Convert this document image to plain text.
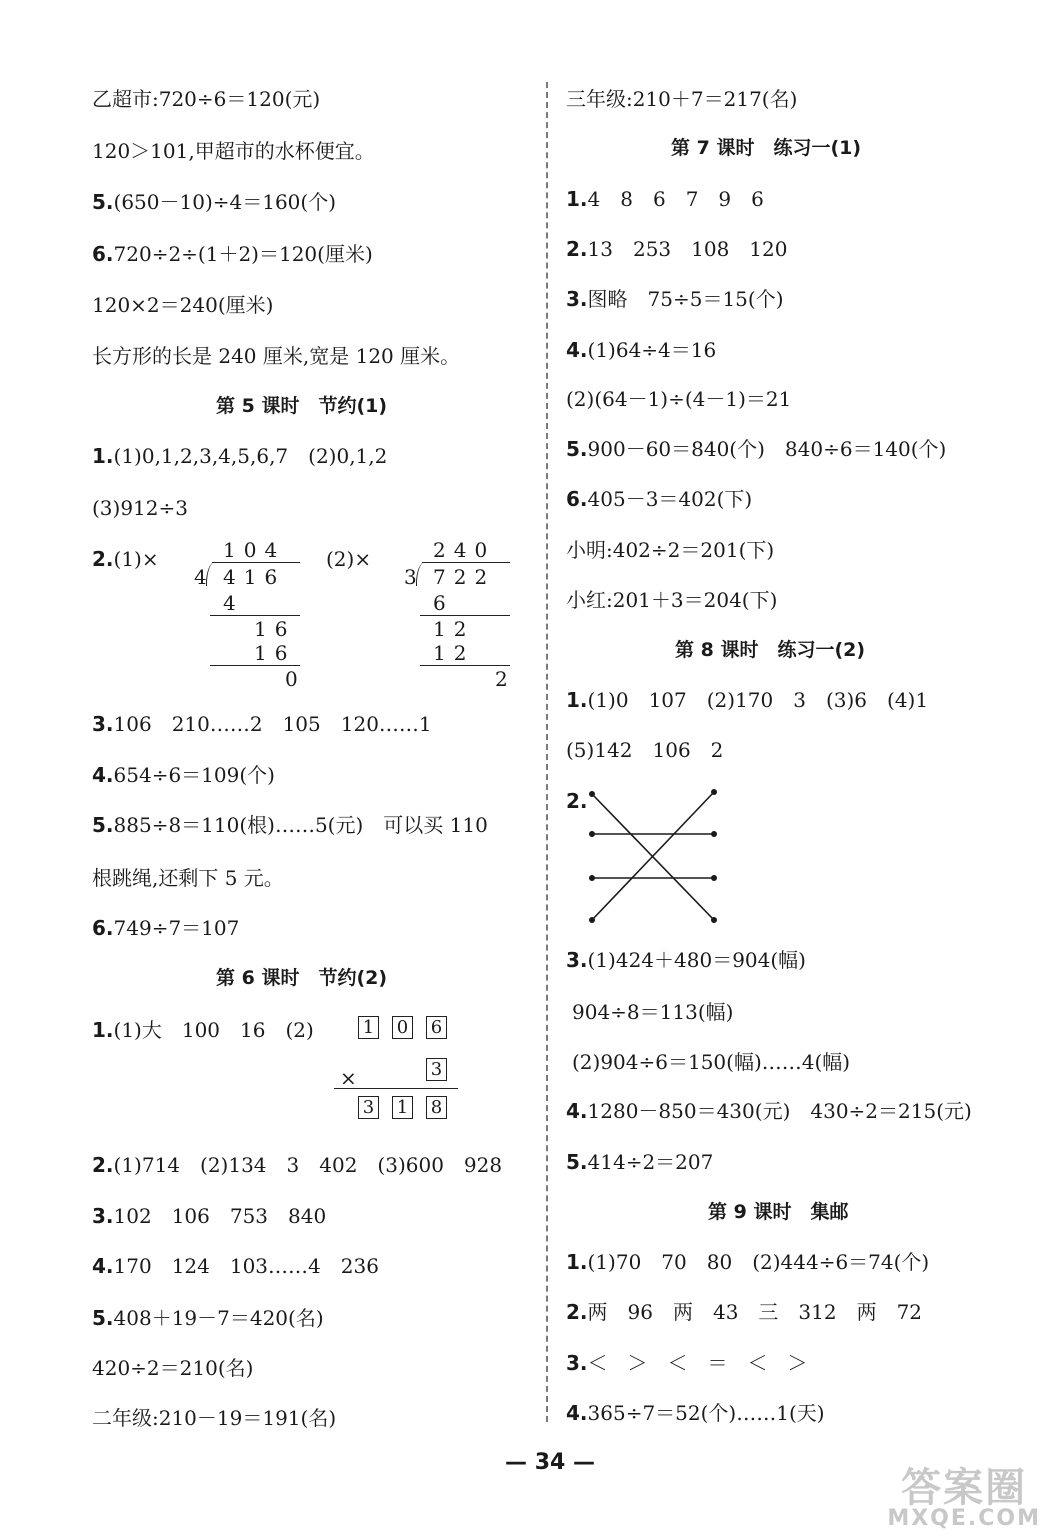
乙超市:720÷6＝120(元)
120＞101,甲超市的水杯便宜。
5.(650－10)÷4＝160(个)
6.720÷2÷(1＋2)＝120(厘米)
120×2＝240(厘米)
长方形的长是 240 厘米,宽是 120 厘米。
第 5 课时　节约(1)
1.(1)0,1,2,3,4,5,6,7　(2)0,1,2
(3)912÷3
2.(1)×	(2)×
104
4 416
4
16
16
0
240
3 722
6
12
12
2
3.106　210……2　105　120……1
4.654÷6＝109(个)
5.885÷8＝110(根)……5(元)　可以买 110
根跳绳,还剩下 5 元。
6.749÷7＝107
第 6 课时　节约(2)
1.(1)大　100　16　(2)	1 0 6
×	3
3 1 8
2.(1)714　(2)134　3　402　(3)600　928
3.102　106　753　840
4.170　124　103……4　236
5.408＋19－7＝420(名)
420÷2＝210(名)
二年级:210－19＝191(名)
三年级:210＋7＝217(名)
第 7 课时　练习一(1)
1.4　8　6　7　9　6
2.13　253　108　120
3.图略　75÷5＝15(个)
4.(1)64÷4＝16
(2)(64－1)÷(4－1)＝21
5.900－60＝840(个)　840÷6＝140(个)
6.405－3＝402(下)
小明:402÷2＝201(下)
小红:201＋3＝204(下)
第 8 课时　练习一(2)
1.(1)0　107　(2)170　3　(3)6　(4)1
(5)142　106　2
2.
3.(1)424＋480＝904(幅)
904÷8＝113(幅)
(2)904÷6＝150(幅)……4(幅)
4.1280－850＝430(元)　430÷2＝215(元)
5.414÷2＝207
第 9 课时　集邮
1.(1)70　70　80　(2)444÷6＝74(个)
2.两　96　两　43　三　312　两　72
3.＜　＞　＜　＝　＜　＞
4.365÷7＝52(个)……1(天)
— 34 —
答案圈
MXQE.COM
